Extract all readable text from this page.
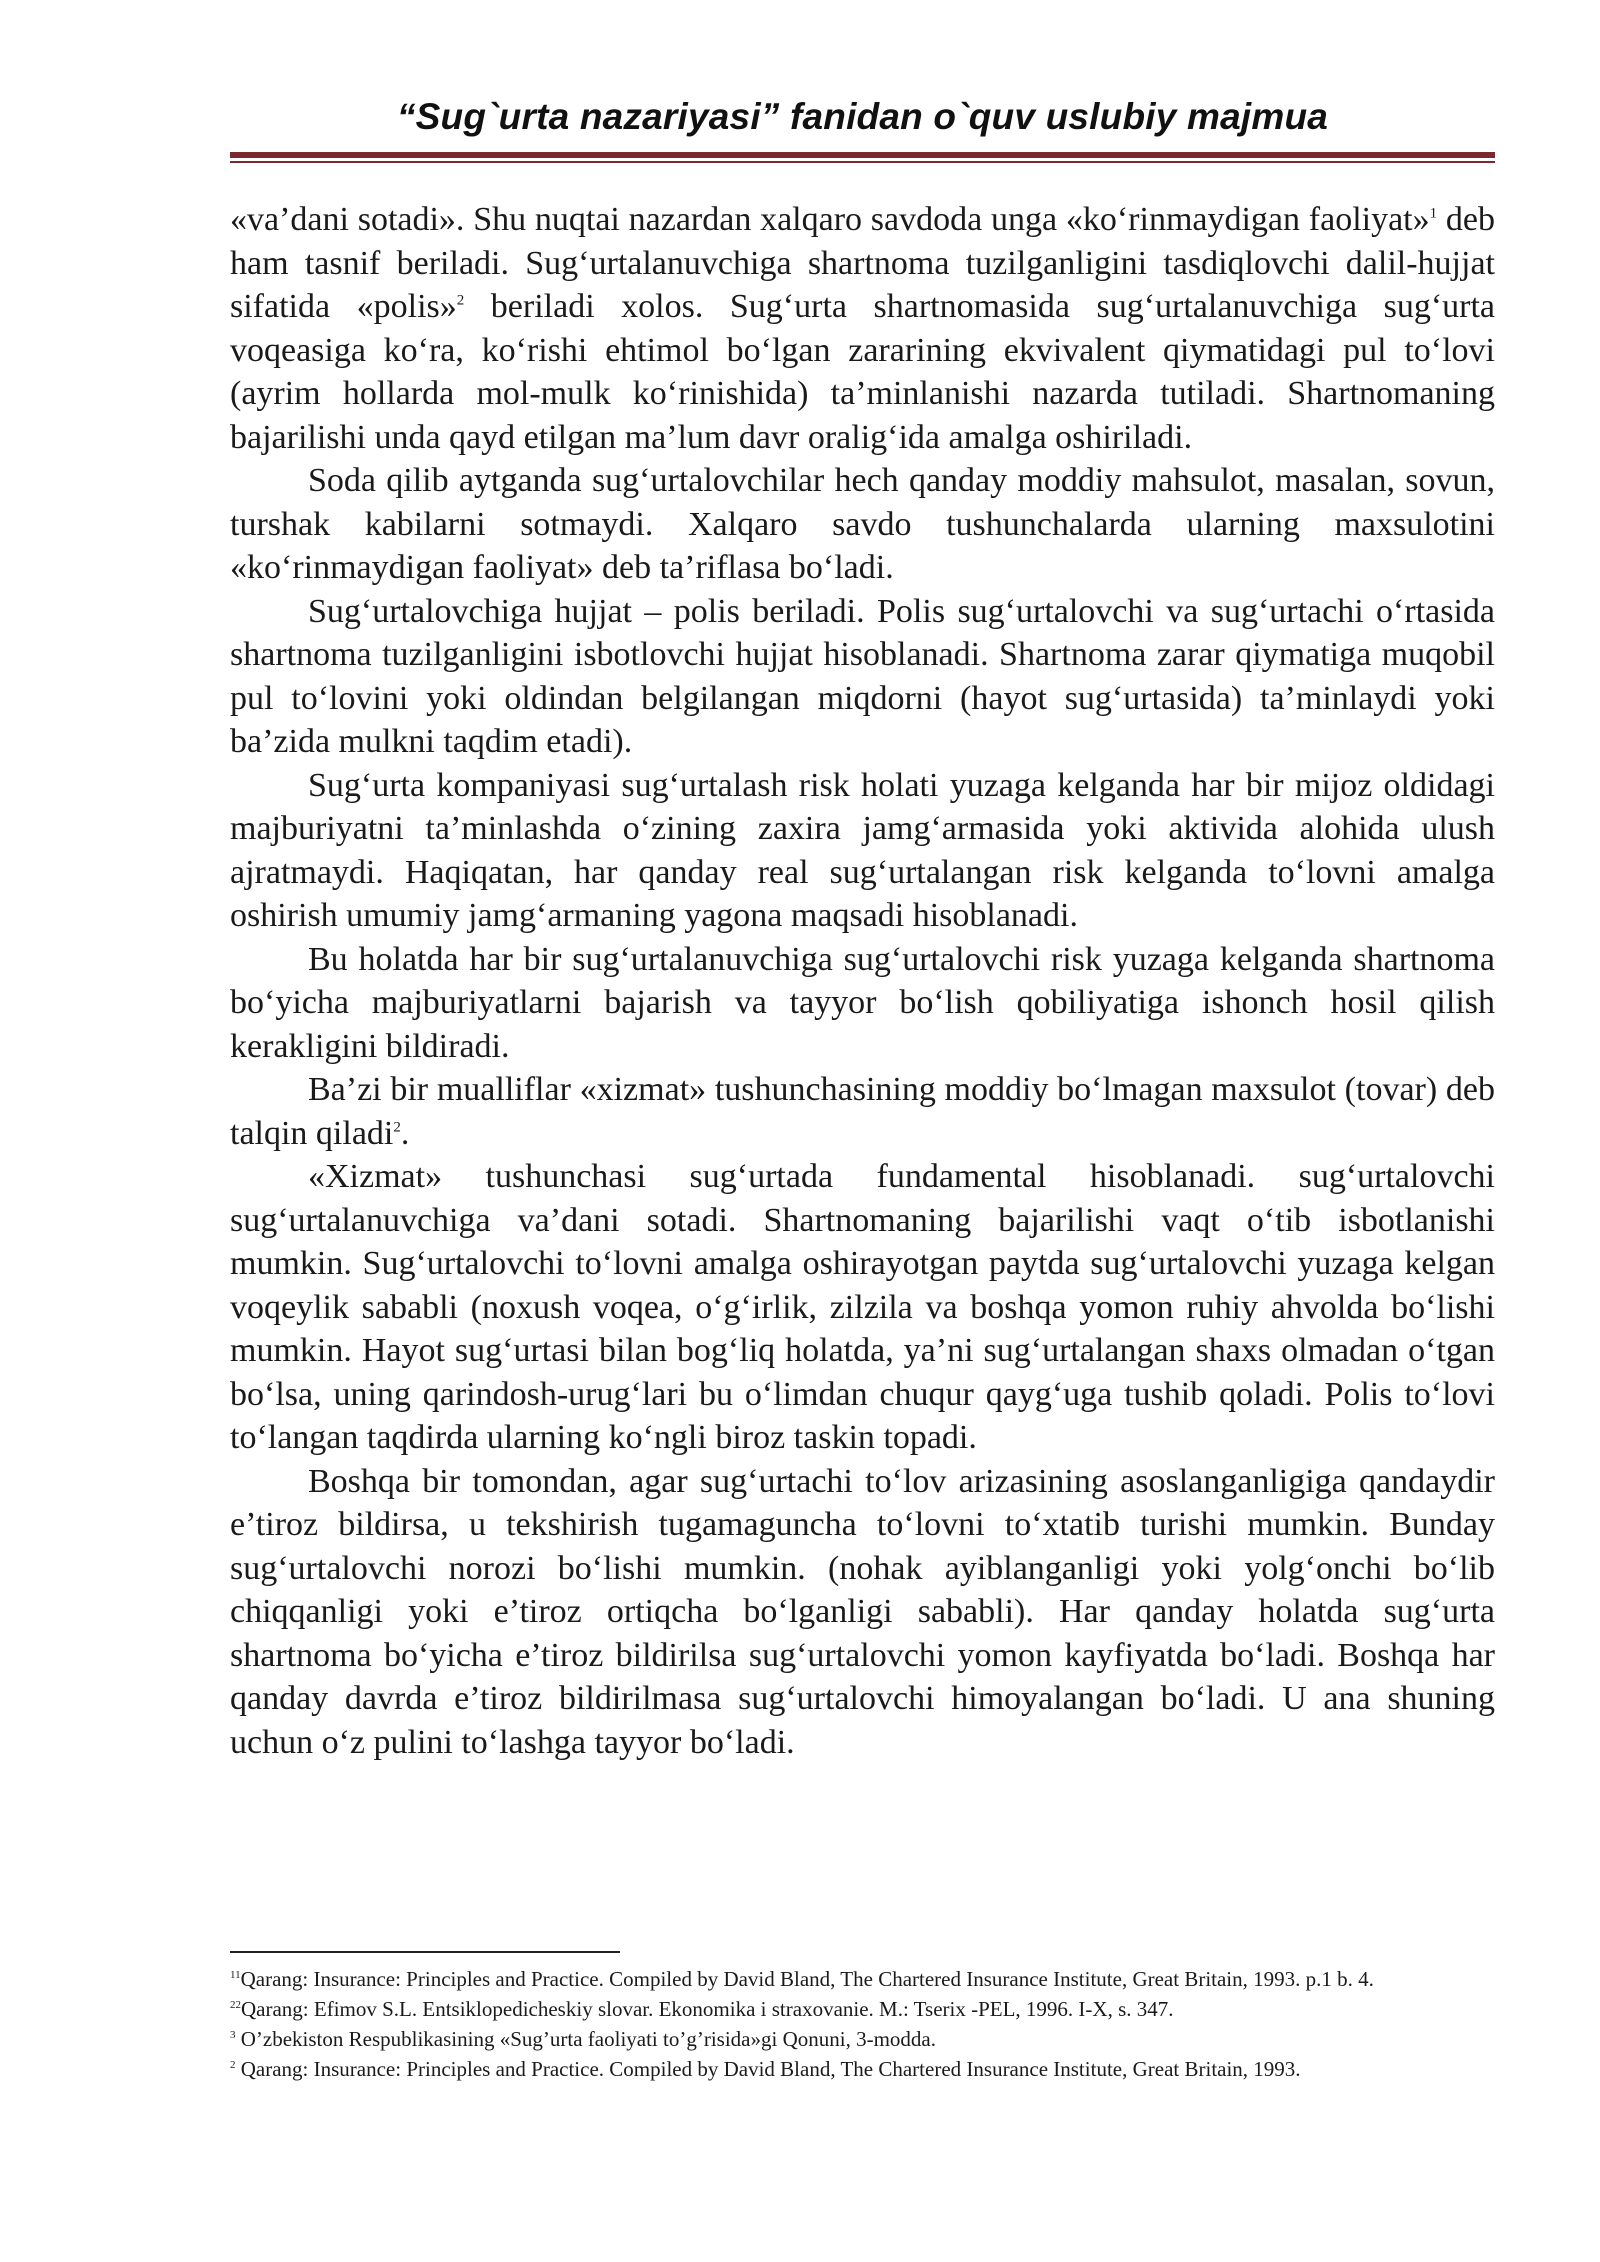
“Sug`urta nazariyasi” fanidan o`quv uslubiy majmua

«va’dani sotadi». Shu nuqtai nazardan xalqaro savdoda unga «ko‘rinmaydigan faoliyat»$^1$ deb ham tasnif beriladi. Sug‘urtalanuvchiga shartnoma tuzilganligini tasdiqlovchi dalil-hujjat sifatida «polis»$^2$ beriladi xolos. Sug‘urta shartnomasida sug‘urtalanuvchiga sug‘urta voqeasiga ko‘ra, ko‘rishi ehtimol bo‘lgan zararining ekvivalent qiymatidagi pul to‘lovi (ayrim hollarda mol-mulk ko‘rinishida) ta’minlanishi nazarda tutiladi. Shartnomaning bajarilishi unda qayd etilgan ma’lum davr oralig‘ida amalga oshiriladi.

Soda qilib aytganda sug‘urtalovchilar hech qanday moddiy mahsulot, masalan, sovun, turshak kabilarni sotmaydi. Xalqaro savdo tushunchalarda ularning maxsulotini «ko‘rinmaydigan faoliyat» deb ta’riflasa bo‘ladi.

Sug‘urtalovchiga hujjat – polis beriladi. Polis sug‘urtalovchi va sug‘urtachi o‘rtasida shartnoma tuzilganligini isbotlovchi hujjat hisoblanadi. Shartnoma zarar qiymatiga muqobil pul to‘lovini yoki oldindan belgilangan miqdorni (hayot sug‘urtasida) ta’minlaydi yoki ba’zida mulkni taqdim etadi).

Sug‘urta kompaniyasi sug‘urtalash risk holati yuzaga kelganda har bir mijoz oldidagi majburiyatni ta’minlashda o‘zining zaxira jamg‘armasida yoki aktivida alohida ulush ajratmaydi. Haqiqatan, har qanday real sug‘urtalangan risk kelganda to‘lovni amalga oshirish umumiy jamg‘armaning yagona maqsadi hisoblanadi.

Bu holatda har bir sug‘urtalanuvchiga sug‘urtalovchi risk yuzaga kelganda shartnoma bo‘yicha majburiyatlarni bajarish va tayyor bo‘lish qobiliyatiga ishonch hosil qilish kerakligini bildiradi.

Ba’zi bir mualliflar «xizmat» tushunchasining moddiy bo‘lmagan maxsulot (tovar) deb talqin qiladi$^2$.

«Xizmat» tushunchasi sug‘urtada fundamental hisoblanadi. sug‘urtalovchi sug‘urtalanuvchiga va’dani sotadi. Shartnomaning bajarilishi vaqt o‘tib isbotlanishi mumkin. Sug‘urtalovchi to‘lovni amalga oshirayotgan paytda sug‘urtalovchi yuzaga kelgan voqeylik sababli (noxush voqea, o‘g‘irlik, zilzila va boshqa yomon ruhiy ahvolda bo‘lishi mumkin. Hayot sug‘urtasi bilan bog‘liq holatda, ya’ni sug‘urtalangan shaxs olmadan o‘tgan bo‘lsa, uning qarindosh-urug‘lari bu o‘limdan chuqur qayg‘uga tushib qoladi. Polis to‘lovi to‘langan taqdirda ularning ko‘ngli biroz taskin topadi.

Boshqa bir tomondan, agar sug‘urtachi to‘lov arizasining asoslanganligiga qandaydir e’tiroz bildirsa, u tekshirish tugamaguncha to‘lovni to‘xtatib turishi mumkin. Bunday sug‘urtalovchi norozi bo‘lishi mumkin. (nohak ayiblanganligi yoki yolg‘onchi bo‘lib chiqqanligi yoki e’tiroz ortiqcha bo‘lganligi sababli). Har qanday holatda sug‘urta shartnoma bo‘yicha e’tiroz bildirilsa sug‘urtalovchi yomon kayfiyatda bo‘ladi. Boshqa har qanday davrda e’tiroz bildirilmasa sug‘urtalovchi himoyalangan bo‘ladi. U ana shuning uchun o‘z pulini to‘lashga tayyor bo‘ladi.

$^{11}$Qarang: Insurance: Principles and Practice. Compiled by David Bland, The Chartered Insurance Institute, Great Britain, 1993. p.1 b. 4.

$^{22}$Qarang: Efimov S.L. Entsiklopedicheskiy slovar. Ekonomika i straxovanie. M.: Tserix -PEL, 1996. I-X, s. 347.

$^3$ O’zbekiston Respublikasining «Sug’urta faoliyati to’g’risida»gi Qonuni, 3-modda.

$^2$ Qarang: Insurance: Principles and Practice. Compiled by David Bland, The Chartered Insurance Institute, Great Britain, 1993.
